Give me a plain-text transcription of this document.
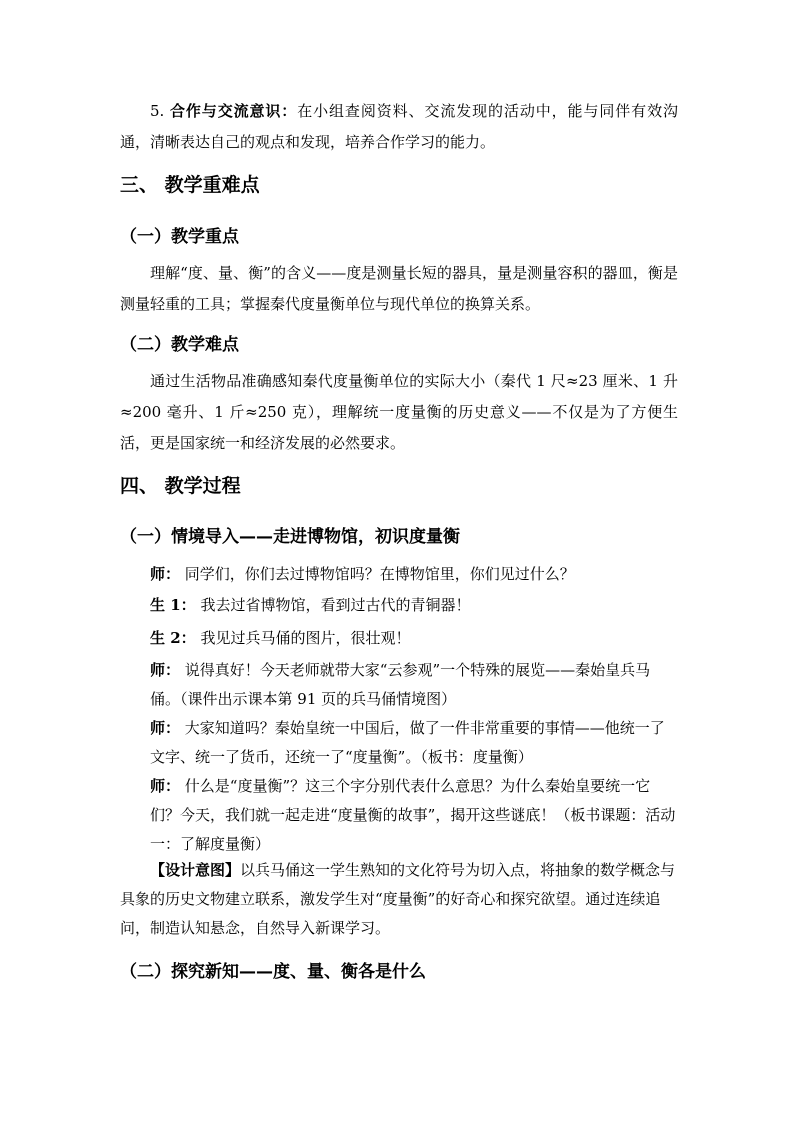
5. 合作与交流意识：在小组查阅资料、交流发现的活动中，能与同伴有效沟通，清晰表达自己的观点和发现，培养合作学习的能力。

三、 教学重难点
（一）教学重点

理解“度、量、衡”的含义——度是测量长短的器具，量是测量容积的器皿，衡是测量轻重的工具；掌握秦代度量衡单位与现代单位的换算关系。

（二）教学难点

通过生活物品准确感知秦代度量衡单位的实际大小（秦代 1 尺≈23 厘米、1 升≈200 毫升、1 斤≈250 克），理解统一度量衡的历史意义——不仅是为了方便生活，更是国家统一和经济发展的必然要求。

四、 教学过程
（一）情境导入——走进博物馆，初识度量衡

师： 同学们，你们去过博物馆吗？在博物馆里，你们见过什么？

生 1： 我去过省博物馆，看到过古代的青铜器！

生 2： 我见过兵马俑的图片，很壮观！

师： 说得真好！今天老师就带大家“云参观”一个特殊的展览——秦始皇兵马俑。（课件出示课本第 91 页的兵马俑情境图）

师： 大家知道吗？秦始皇统一中国后，做了一件非常重要的事情——他统一了文字、统一了货币，还统一了“度量衡”。（板书：度量衡）

师： 什么是“度量衡”？这三个字分别代表什么意思？为什么秦始皇要统一它们？今天，我们就一起走进“度量衡的故事”，揭开这些谜底！（板书课题：活动一：了解度量衡）

【设计意图】以兵马俑这一学生熟知的文化符号为切入点，将抽象的数学概念与具象的历史文物建立联系，激发学生对“度量衡”的好奇心和探究欲望。通过连续追问，制造认知悬念，自然导入新课学习。

（二）探究新知——度、量、衡各是什么
